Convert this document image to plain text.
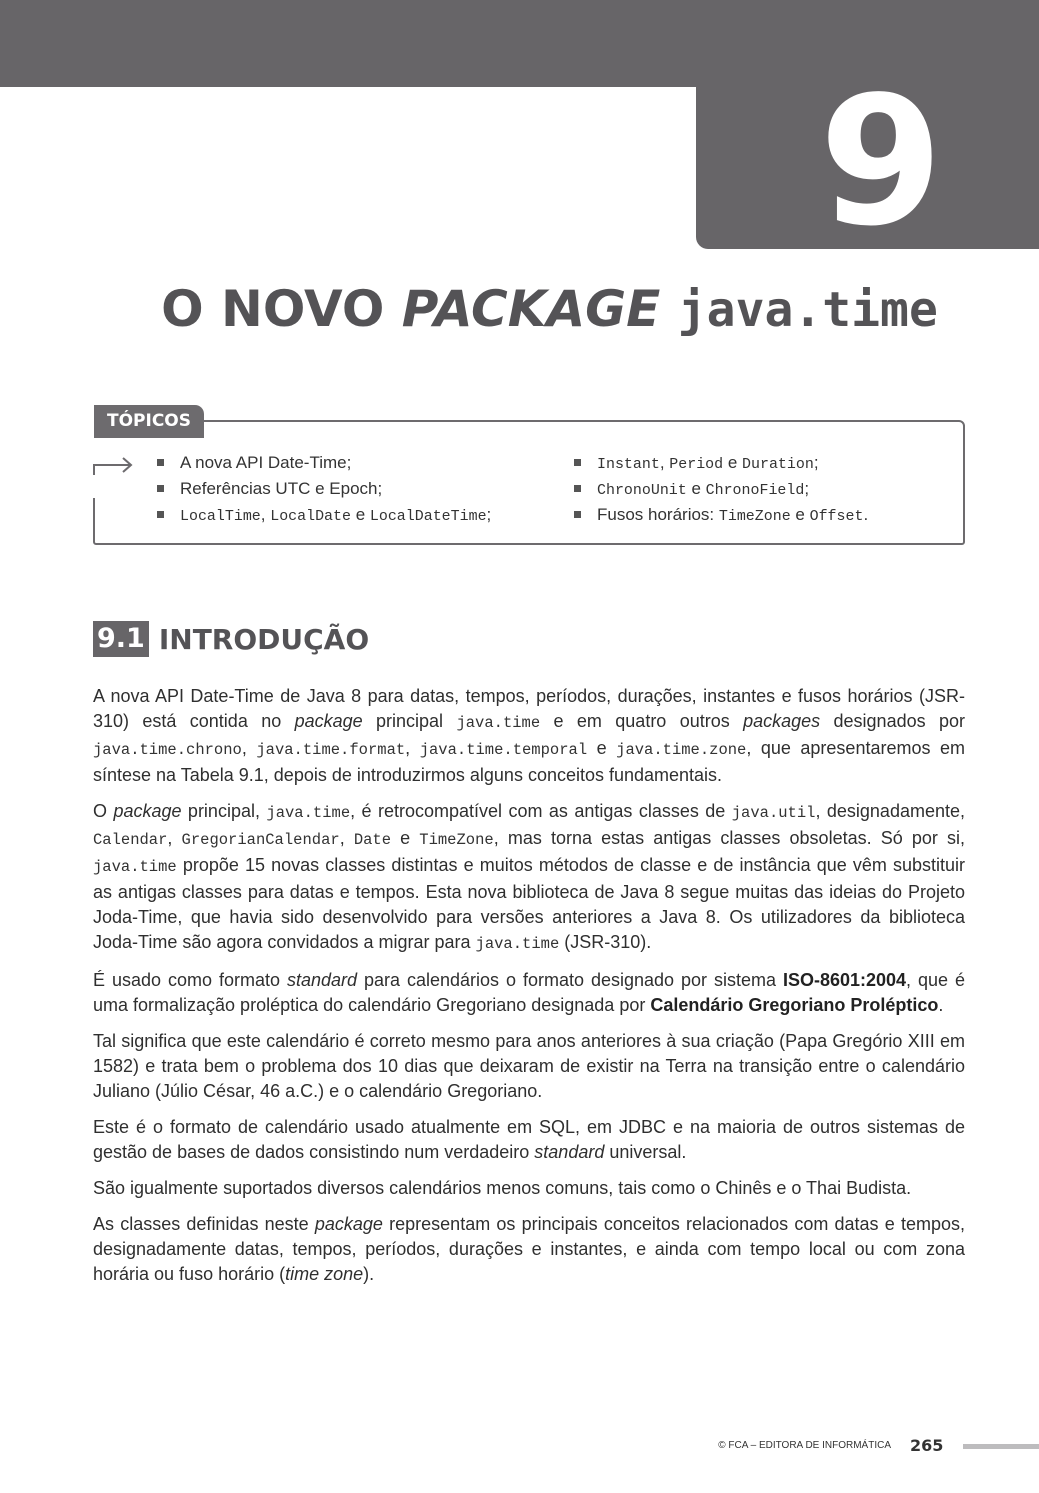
9
O NOVO PACKAGE java.time
TÓPICOS
A nova API Date-Time;
Referências UTC e Epoch;
LocalTime, LocalDate e LocalDateTime;
Instant, Period e Duration;
ChronoUnit e ChronoField;
Fusos horários: TimeZone e Offset.
9.1 INTRODUÇÃO

A nova API Date-Time de Java 8 para datas, tempos, períodos, durações, instantes e fusos horários (JSR-310) está contida no package principal java.time e em quatro outros packages designados por java.time.chrono, java.time.format, java.time.temporal e java.time.zone, que apresentaremos em síntese na Tabela 9.1, depois de introduzirmos alguns conceitos fundamentais.

O package principal, java.time, é retrocompatível com as antigas classes de java.util, designadamente, Calendar, GregorianCalendar, Date e TimeZone, mas torna estas antigas classes obsoletas. Só por si, java.time propõe 15 novas classes distintas e muitos métodos de classe e de instância que vêm substituir as antigas classes para datas e tempos. Esta nova biblioteca de Java 8 segue muitas das ideias do Projeto Joda-Time, que havia sido desenvolvido para versões anteriores a Java 8. Os utilizadores da biblioteca Joda-Time são agora convidados a migrar para java.time (JSR-310).

É usado como formato standard para calendários o formato designado por sistema ISO-8601:2004, que é uma formalização proléptica do calendário Gregoriano designada por Calendário Gregoriano Proléptico.

Tal significa que este calendário é correto mesmo para anos anteriores à sua criação (Papa Gregório XIII em 1582) e trata bem o problema dos 10 dias que deixaram de existir na Terra na transição entre o calendário Juliano (Júlio César, 46 a.C.) e o calendário Gregoriano.

Este é o formato de calendário usado atualmente em SQL, em JDBC e na maioria de outros sistemas de gestão de bases de dados consistindo num verdadeiro standard universal.

São igualmente suportados diversos calendários menos comuns, tais como o Chinês e o Thai Budista.

As classes definidas neste package representam os principais conceitos relacionados com datas e tempos, designadamente datas, tempos, períodos, durações e instantes, e ainda com tempo local ou com zona horária ou fuso horário (time zone).

© FCA – EDITORA DE INFORMÁTICA 265
